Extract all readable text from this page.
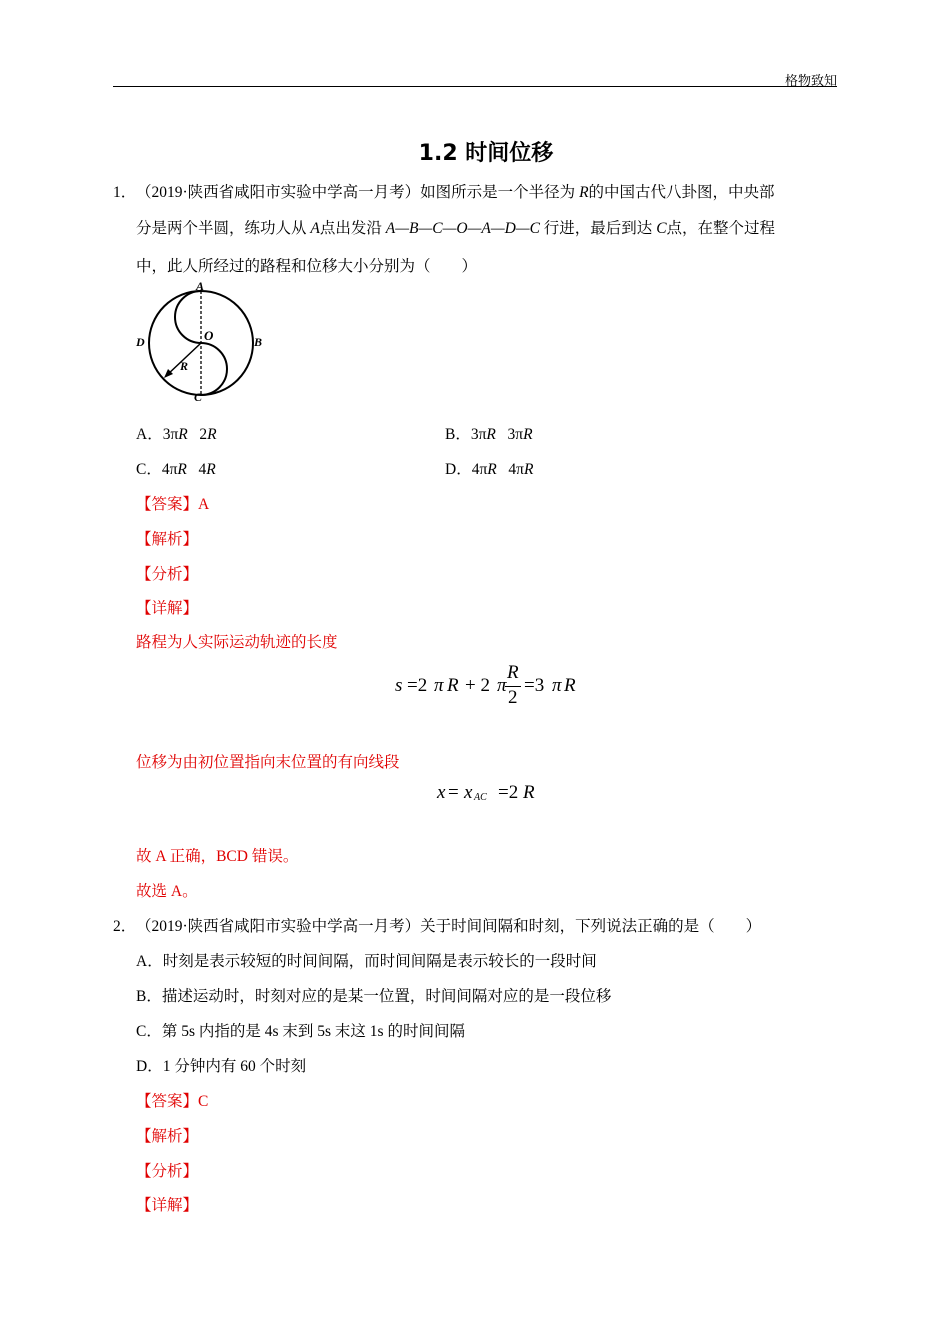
格物致知
1.2 时间位移
1． （2019·陕西省咸阳市实验中学高一月考）如图所示是一个半径为 R的中国古代八卦图，中央部
分是两个半圆，练功人从 A点出发沿 A—B—C—O—A—D—C 行进，最后到达 C点，在整个过程
中，此人所经过的路程和位移大小分别为（　　）
A
B
C
D	O
R
A．3πR 2R	B．3πR 3πR
C．4πR 4R	D．4πR 4πR
【答案】A
【解析】
【分析】
【详解】
路程为人实际运动轨迹的长度
s =2 π R + 2 π
R
2
=3 π R
位移为由初位置指向末位置的有向线段
x = x AC =2 R
故 A 正确，BCD 错误。
故选 A。
2． （2019·陕西省咸阳市实验中学高一月考）关于时间间隔和时刻，下列说法正确的是（　　）
A．时刻是表示较短的时间间隔，而时间间隔是表示较长的一段时间
B．描述运动时，时刻对应的是某一位置，时间间隔对应的是一段位移
C．第 5s 内指的是 4s 末到 5s 末这 1s 的时间间隔
D．1 分钟内有 60 个时刻
【答案】C
【解析】
【分析】
【详解】
